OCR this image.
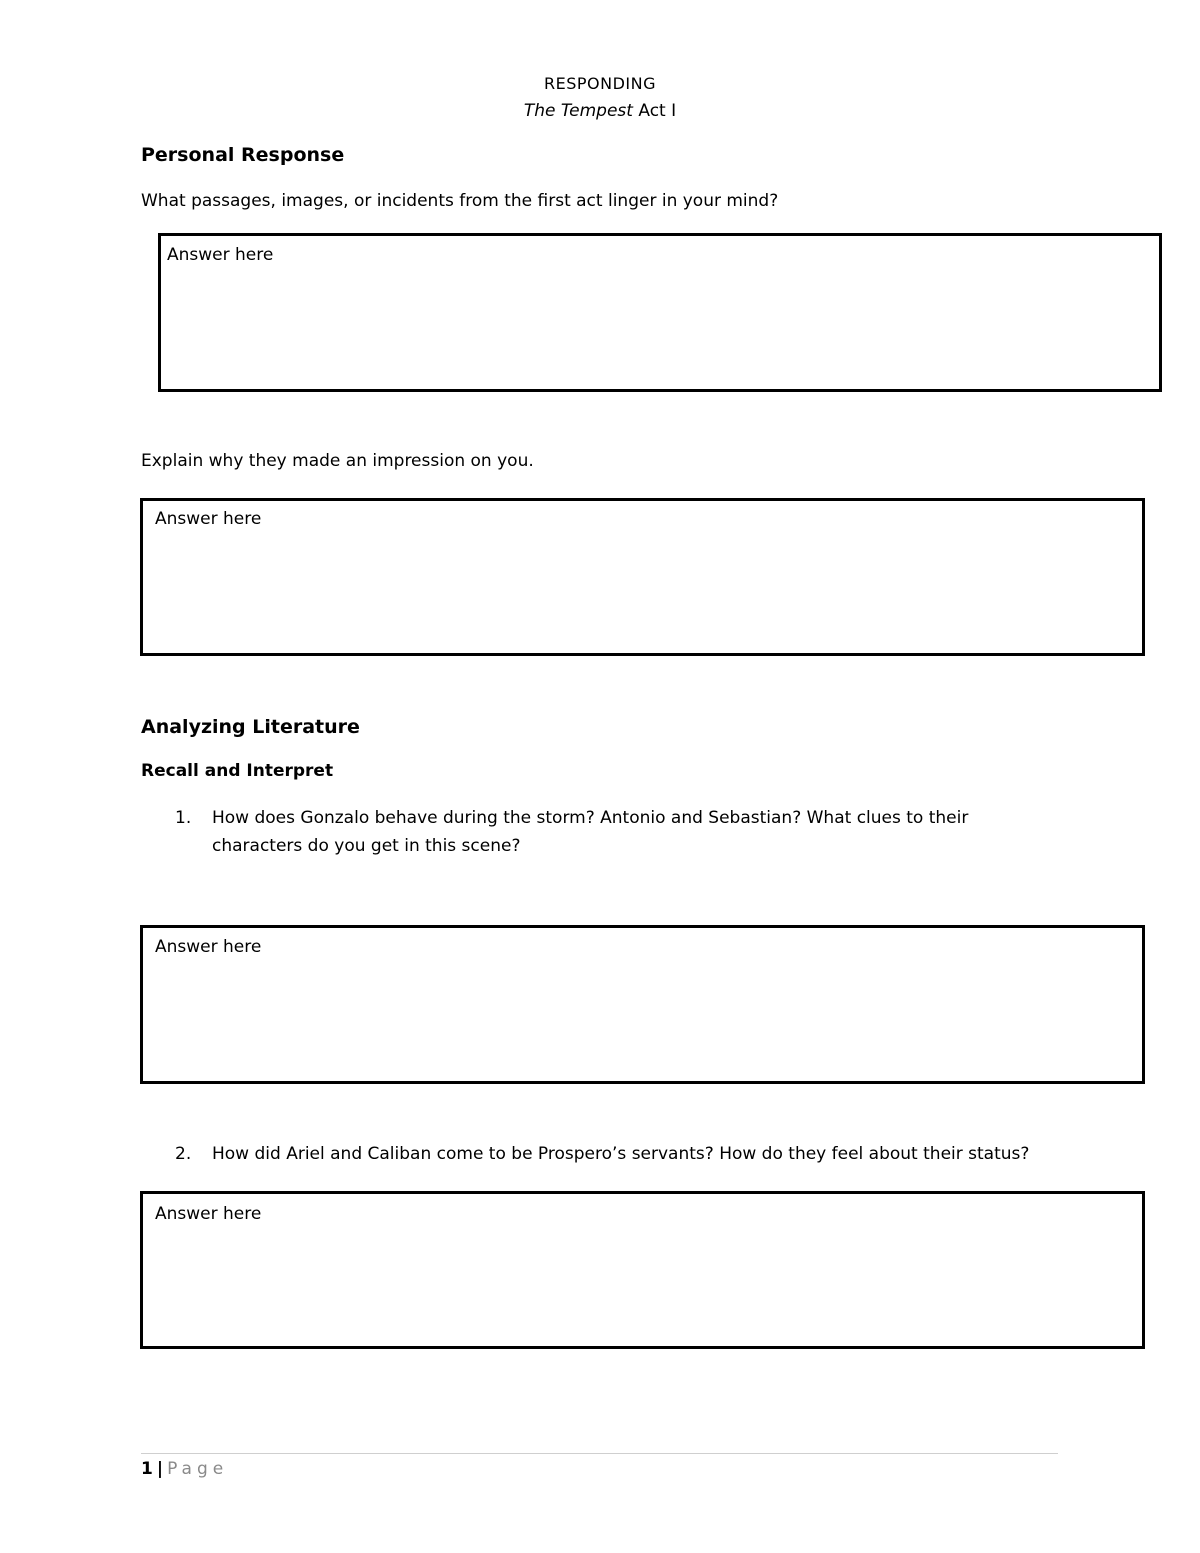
RESPONDING
The Tempest Act I
Personal Response
What passages, images, or incidents from the first act linger in your mind?
Answer here
Explain why they made an impression on you.
Answer here
Analyzing Literature
Recall and Interpret
1. How does Gonzalo behave during the storm? Antonio and Sebastian? What clues to their characters do you get in this scene?
Answer here
2. How did Ariel and Caliban come to be Prospero’s servants? How do they feel about their status?
Answer here
1 | Page
